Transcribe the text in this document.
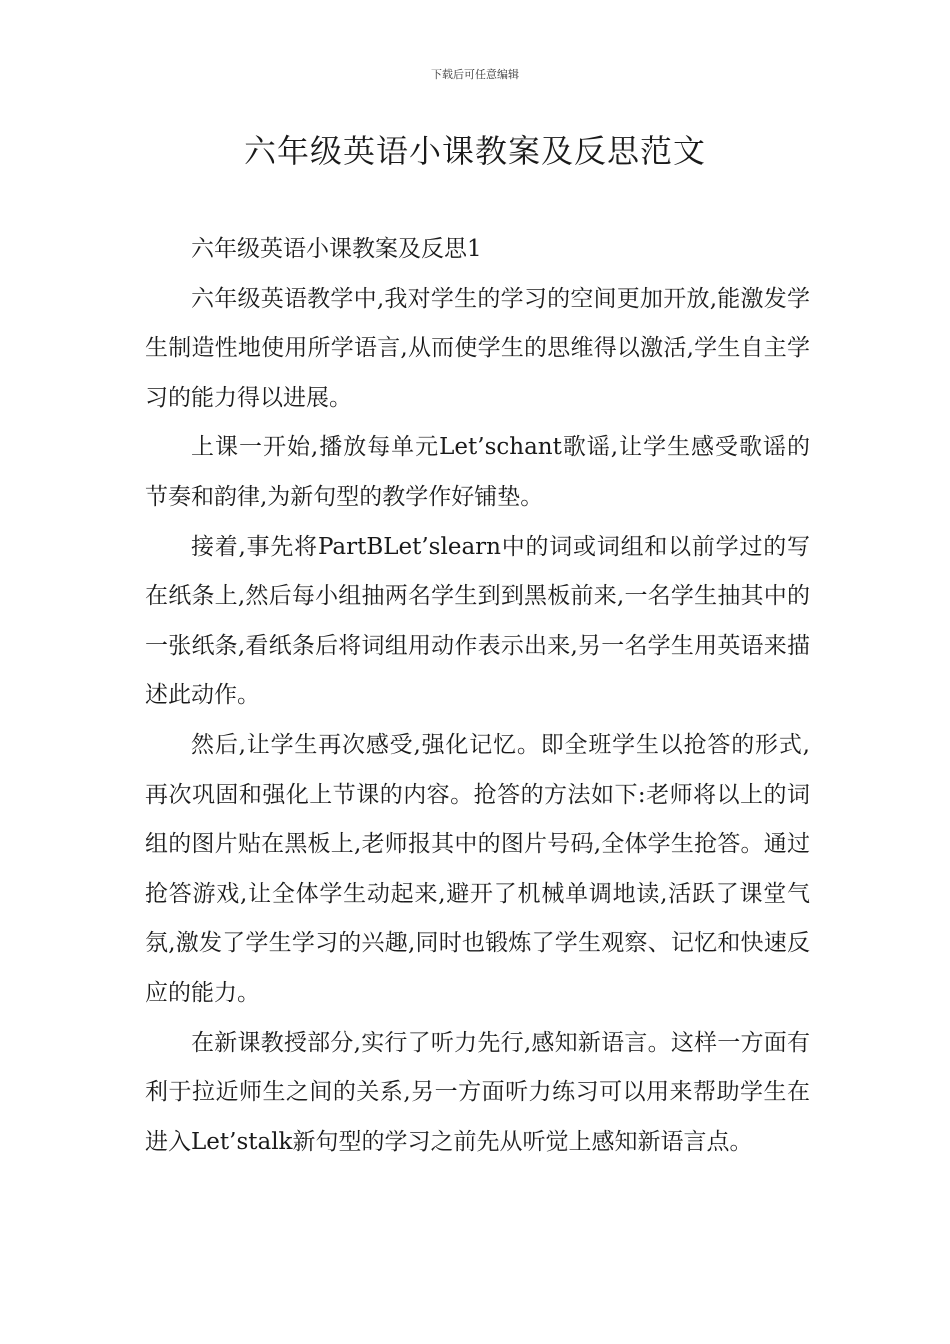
下载后可任意编辑
六年级英语小课教案及反思范文

六年级英语小课教案及反思1

六年级英语教学中,我对学生的学习的空间更加开放,能激发学生制造性地使用所学语言,从而使学生的思维得以激活,学生自主学习的能力得以进展。

上课一开始,播放每单元Let’schant歌谣,让学生感受歌谣的节奏和韵律,为新句型的教学作好铺垫。

接着,事先将PartBLet’slearn中的词或词组和以前学过的写在纸条上,然后每小组抽两名学生到到黑板前来,一名学生抽其中的一张纸条,看纸条后将词组用动作表示出来,另一名学生用英语来描述此动作。

然后,让学生再次感受,强化记忆。即全班学生以抢答的形式,再次巩固和强化上节课的内容。抢答的方法如下:老师将以上的词组的图片贴在黑板上,老师报其中的图片号码,全体学生抢答。通过抢答游戏,让全体学生动起来,避开了机械单调地读,活跃了课堂气氛,激发了学生学习的兴趣,同时也锻炼了学生观察、记忆和快速反应的能力。

在新课教授部分,实行了听力先行,感知新语言。这样一方面有利于拉近师生之间的关系,另一方面听力练习可以用来帮助学生在进入Let’stalk新句型的学习之前先从听觉上感知新语言点。
